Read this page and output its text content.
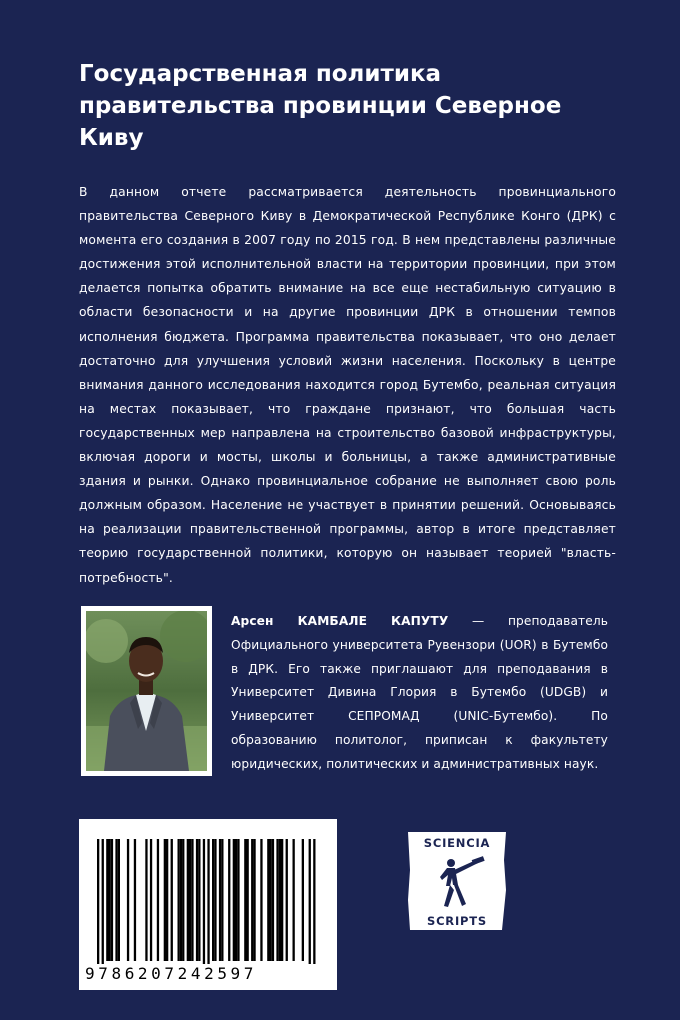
Государственная политика правительства провинции Северное Киву

В данном отчете рассматривается деятельность провинциального правительства Северного Киву в Демократической Республике Конго (ДРК) с момента его создания в 2007 году по 2015 год. В нем представлены различные достижения этой исполнительной власти на территории провинции, при этом делается попытка обратить внимание на все еще нестабильную ситуацию в области безопасности и на другие провинции ДРК в отношении темпов исполнения бюджета. Программа правительства показывает, что оно делает достаточно для улучшения условий жизни населения. Поскольку в центре внимания данного исследования находится город Бутембо, реальная ситуация на местах показывает, что граждане признают, что большая часть государственных мер направлена на строительство базовой инфраструктуры, включая дороги и мосты, школы и больницы, а также административные здания и рынки. Однако провинциальное собрание не выполняет свою роль должным образом. Население не участвует в принятии решений. Основываясь на реализации правительственной программы, автор в итоге представляет теорию государственной политики, которую он называет теорией "власть-потребность".

Арсен КАМБАЛЕ КАПУТУ — преподаватель Официального университета Рувензори (UOR) в Бутембо в ДРК. Его также приглашают для преподавания в Университет Дивина Глория в Бутембо (UDGB) и Университет СЕПРОМАД (UNIC-Бутембо). По образованию политолог, приписан к факультету юридических, политических и административных наук.

9786207242597
SCIENCIA
SCRIPTS
